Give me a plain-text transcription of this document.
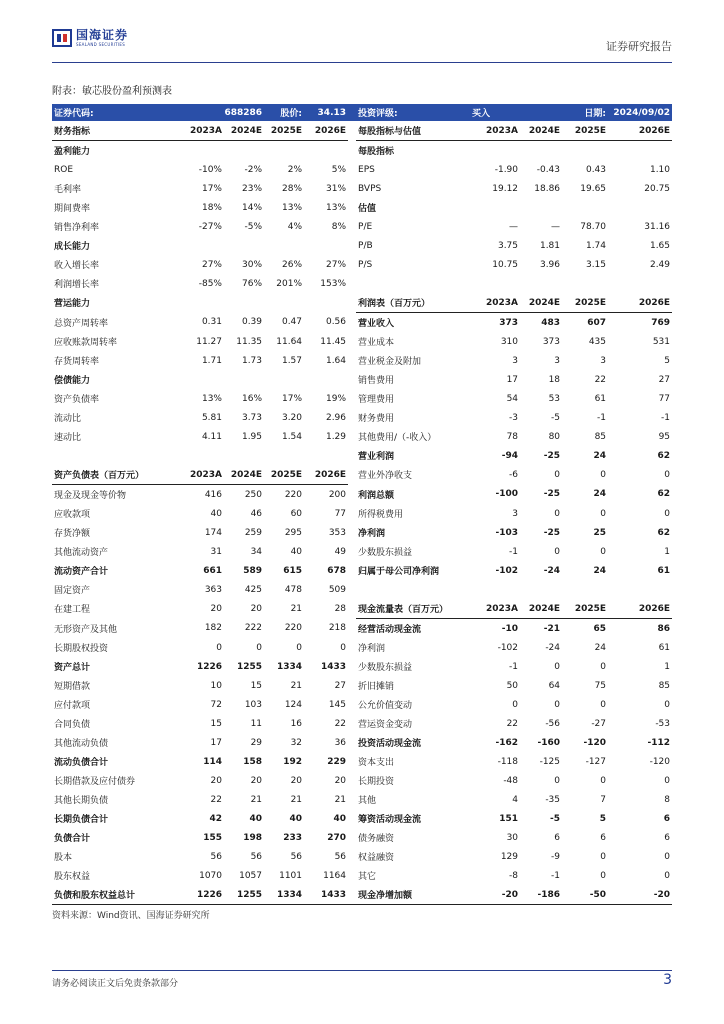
国海证券
SEALAND SECURITIES	证券研究报告
附表：敏芯股份盈利预测表
证券代码:	688286		股价:	34.13		投资评级:	买入		日期:	2024/09/02
财务指标	2023A	2024E	2025E	2026E		每股指标与估值	2023A	2024E	2025E	2026E
盈利能力						每股指标				
ROE	-10%	-2%	2%	5%		EPS	-1.90	-0.43	0.43	1.10
毛利率	17%	23%	28%	31%		BVPS	19.12	18.86	19.65	20.75
期间费率	18%	14%	13%	13%		估值				
销售净利率	-27%	-5%	4%	8%		P/E	—	—	78.70	31.16
成长能力						P/B	3.75	1.81	1.74	1.65
收入增长率	27%	30%	26%	27%		P/S	10.75	3.96	3.15	2.49
利润增长率	-85%	76%	201%	153%						
营运能力						利润表（百万元）	2023A	2024E	2025E	2026E
总资产周转率	0.31	0.39	0.47	0.56		营业收入	373	483	607	769
应收账款周转率	11.27	11.35	11.64	11.45		营业成本	310	373	435	531
存货周转率	1.71	1.73	1.57	1.64		营业税金及附加	3	3	3	5
偿债能力						销售费用	17	18	22	27
资产负债率	13%	16%	17%	19%		管理费用	54	53	61	77
流动比	5.81	3.73	3.20	2.96		财务费用	-3	-5	-1	-1
速动比	4.11	1.95	1.54	1.29		其他费用/（-收入）	78	80	85	95
						营业利润	-94	-25	24	62
资产负债表（百万元）	2023A	2024E	2025E	2026E		营业外净收支	-6	0	0	0
现金及现金等价物	416	250	220	200		利润总额	-100	-25	24	62
应收款项	40	46	60	77		所得税费用	3	0	0	0
存货净额	174	259	295	353		净利润	-103	-25	25	62
其他流动资产	31	34	40	49		少数股东损益	-1	0	0	1
流动资产合计	661	589	615	678		归属于母公司净利润	-102	-24	24	61
固定资产	363	425	478	509						
在建工程	20	20	21	28		现金流量表（百万元）	2023A	2024E	2025E	2026E
无形资产及其他	182	222	220	218		经营活动现金流	-10	-21	65	86
长期股权投资	0	0	0	0		净利润	-102	-24	24	61
资产总计	1226	1255	1334	1433		少数股东损益	-1	0	0	1
短期借款	10	15	21	27		折旧摊销	50	64	75	85
应付款项	72	103	124	145		公允价值变动	0	0	0	0
合同负债	15	11	16	22		营运资金变动	22	-56	-27	-53
其他流动负债	17	29	32	36		投资活动现金流	-162	-160	-120	-112
流动负债合计	114	158	192	229		资本支出	-118	-125	-127	-120
长期借款及应付债券	20	20	20	20		长期投资	-48	0	0	0
其他长期负债	22	21	21	21		其他	4	-35	7	8
长期负债合计	42	40	40	40		筹资活动现金流	151	-5	5	6
负债合计	155	198	233	270		债务融资	30	6	6	6
股本	56	56	56	56		权益融资	129	-9	0	0
股东权益	1070	1057	1101	1164		其它	-8	-1	0	0
负债和股东权益总计	1226	1255	1334	1433		现金净增加额	-20	-186	-50	-20
资料来源：Wind资讯、国海证券研究所
请务必阅读正文后免责条款部分	3
